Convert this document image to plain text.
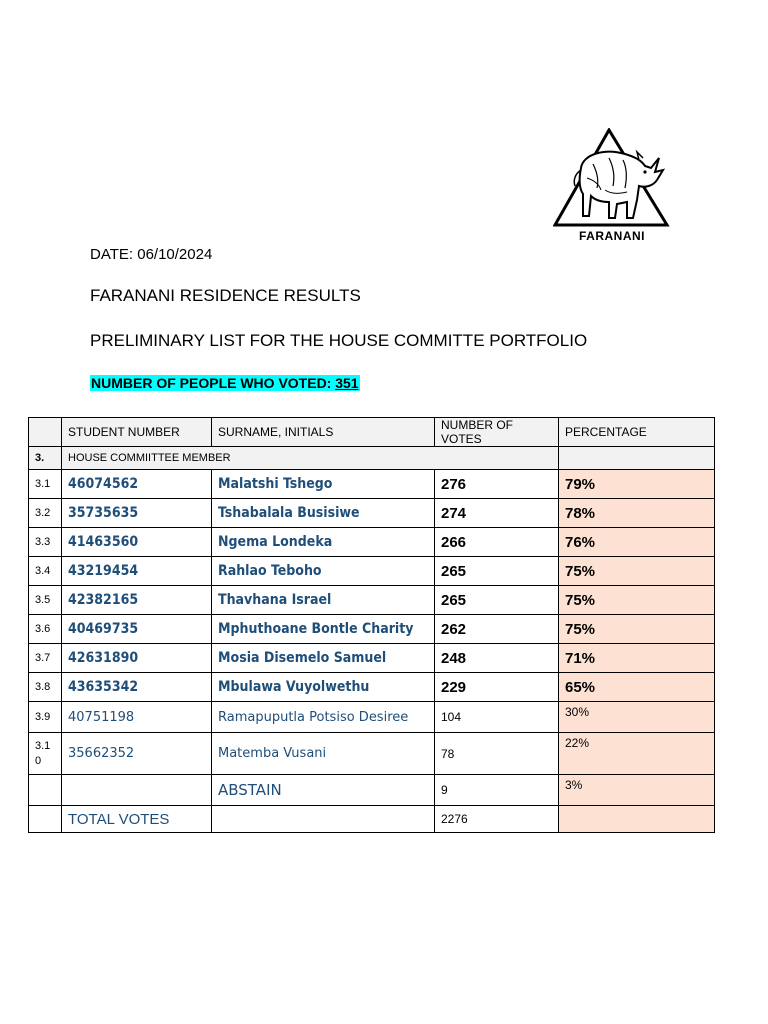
FARANANI
DATE: 06/10/2024
FARANANI RESIDENCE RESULTS
PRELIMINARY LIST FOR THE HOUSE COMMITTE PORTFOLIO
NUMBER OF PEOPLE WHO VOTED: 351
	STUDENT NUMBER	SURNAME, INITIALS	NUMBER OF VOTES	PERCENTAGE
3.	HOUSE COMMIITTEE MEMBER			
3.1	46074562	Malatshi Tshego	276	79%
3.2	35735635	Tshabalala Busisiwe	274	78%
3.3	41463560	Ngema Londeka	266	76%
3.4	43219454	Rahlao Teboho	265	75%
3.5	42382165	Thavhana Israel	265	75%
3.6	40469735	Mphuthoane Bontle Charity	262	75%
3.7	42631890	Mosia Disemelo Samuel	248	71%
3.8	43635342	Mbulawa Vuyolwethu	229	65%
3.9	40751198	Ramapuputla Potsiso Desiree	104	30%
3.1 0	35662352	Matemba Vusani	78	22%
		ABSTAIN	9	3%
	TOTAL VOTES		2276	
